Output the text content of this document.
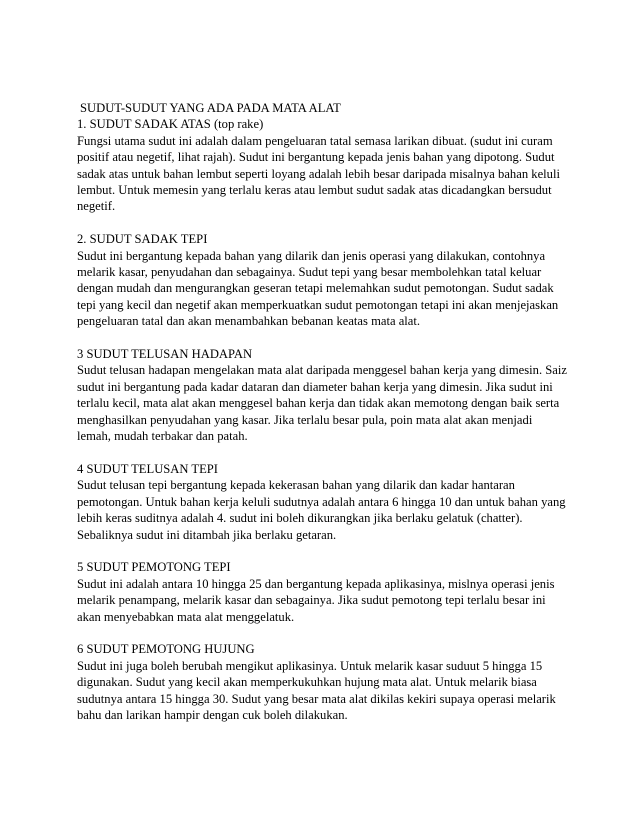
SUDUT-SUDUT YANG ADA PADA MATA ALAT

1. SUDUT SADAK ATAS (top rake)

Fungsi utama sudut ini adalah dalam pengeluaran tatal semasa larikan dibuat. (sudut ini curam positif atau negetif, lihat rajah). Sudut ini bergantung kepada jenis bahan yang dipotong. Sudut sadak atas untuk bahan lembut seperti loyang adalah lebih besar daripada misalnya bahan keluli lembut. Untuk memesin yang terlalu keras atau lembut sudut sadak atas dicadangkan bersudut negetif.

2. SUDUT SADAK TEPI

Sudut ini bergantung kepada bahan yang dilarik dan jenis operasi yang dilakukan, contohnya melarik kasar, penyudahan dan sebagainya. Sudut tepi yang besar membolehkan tatal keluar dengan mudah dan mengurangkan geseran tetapi melemahkan sudut pemotongan. Sudut sadak tepi yang kecil dan negetif akan memperkuatkan sudut pemotongan tetapi ini akan menjejaskan pengeluaran tatal dan akan menambahkan bebanan keatas mata alat.

3 SUDUT TELUSAN HADAPAN

Sudut telusan hadapan mengelakan mata alat daripada menggesel bahan kerja yang dimesin. Saiz sudut ini bergantung pada kadar dataran dan diameter bahan kerja yang dimesin. Jika sudut ini terlalu kecil, mata alat akan menggesel bahan kerja dan tidak akan memotong dengan baik serta menghasilkan penyudahan yang kasar. Jika terlalu besar pula, poin mata alat akan menjadi lemah, mudah terbakar dan patah.

4 SUDUT TELUSAN TEPI

Sudut telusan tepi bergantung kepada kekerasan bahan yang dilarik dan kadar hantaran pemotongan. Untuk bahan kerja keluli sudutnya adalah antara 6 hingga 10 dan untuk bahan yang lebih keras suditnya adalah 4. sudut ini boleh dikurangkan jika berlaku gelatuk (chatter). Sebaliknya sudut ini ditambah jika berlaku getaran.

5 SUDUT PEMOTONG TEPI

Sudut ini adalah antara 10 hingga 25 dan bergantung kepada aplikasinya, mislnya operasi jenis melarik penampang, melarik kasar dan sebagainya. Jika sudut pemotong tepi terlalu besar ini akan menyebabkan mata alat menggelatuk.

6 SUDUT PEMOTONG HUJUNG

Sudut ini juga boleh berubah mengikut aplikasinya. Untuk melarik kasar suduut 5 hingga 15 digunakan. Sudut yang kecil akan memperkukuhkan hujung mata alat. Untuk melarik biasa sudutnya antara 15 hingga 30. Sudut yang besar mata alat dikilas kekiri supaya operasi melarik bahu dan larikan hampir dengan cuk boleh dilakukan.
